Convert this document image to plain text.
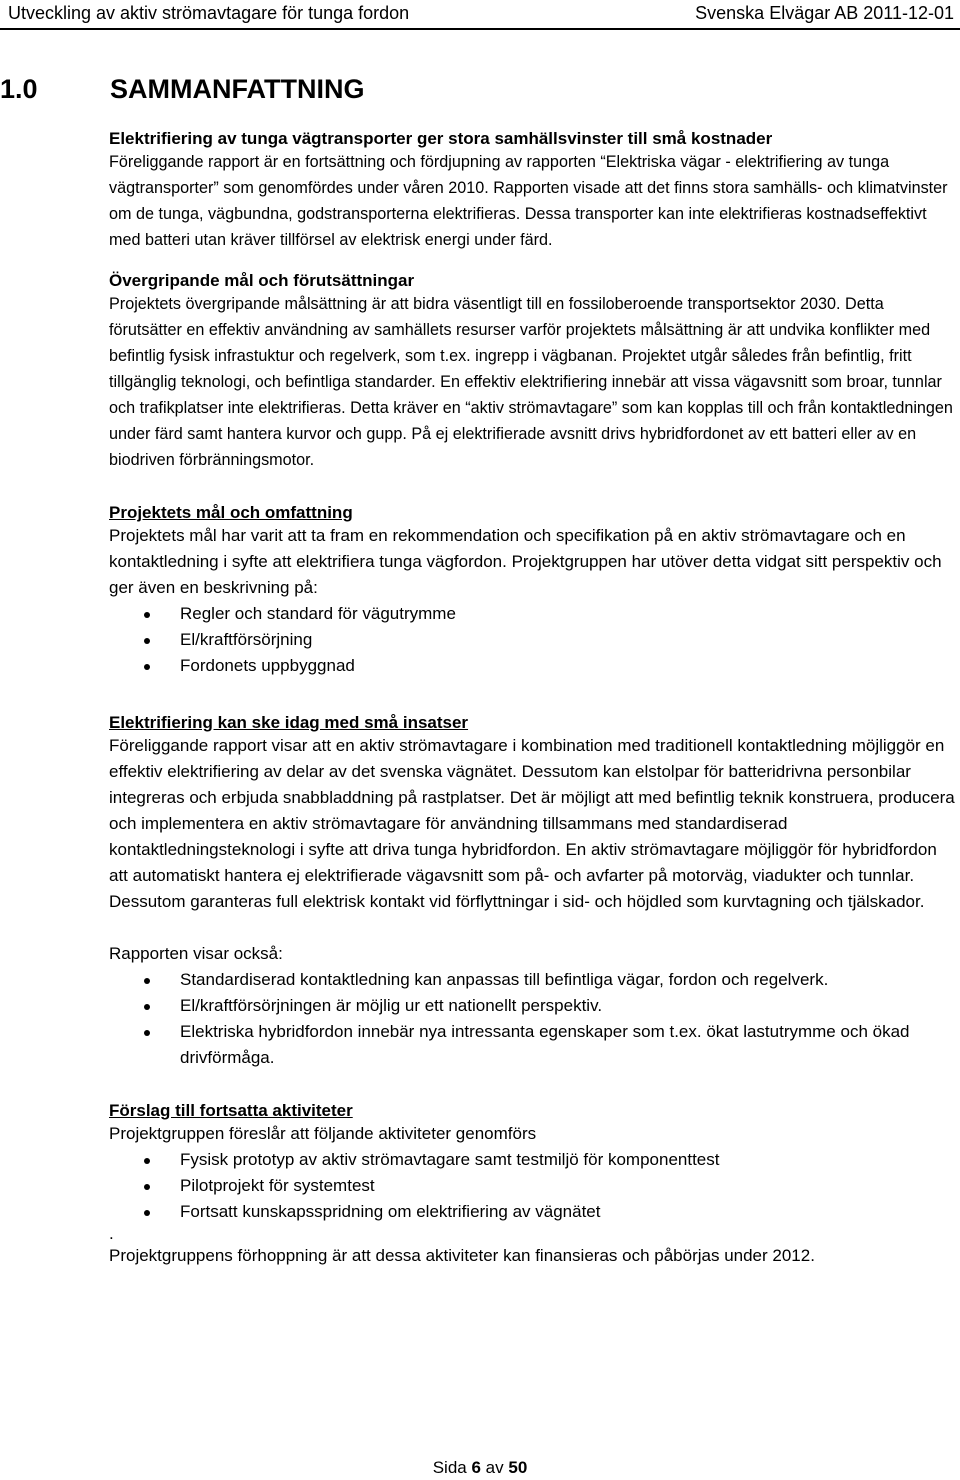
Utveckling av aktiv strömavtagare för tunga fordon	Svenska Elvägar AB 2011-12-01
1.0	SAMMANFATTNING
Elektrifiering av tunga vägtransporter ger stora samhällsvinster till små kostnader

Föreliggande rapport är en fortsättning och fördjupning av rapporten “Elektriska vägar - elektrifiering av tunga vägtransporter” som genomfördes under våren 2010. Rapporten visade att det finns stora samhälls- och klimatvinster om de tunga, vägbundna, godstransporterna elektrifieras. Dessa transporter kan inte elektrifieras kostnadseffektivt med batteri utan kräver tillförsel av elektrisk energi under färd.

Övergripande mål och förutsättningar

Projektets övergripande målsättning är att bidra väsentligt till en fossiloberoende transportsektor 2030. Detta förutsätter en effektiv användning av samhällets resurser varför projektets målsättning är att undvika konflikter med befintlig fysisk infrastuktur och regelverk, som t.ex. ingrepp i vägbanan. Projektet utgår således från befintlig, fritt tillgänglig teknologi, och befintliga standarder. En effektiv elektrifiering innebär att vissa vägavsnitt som broar, tunnlar och trafikplatser inte elektrifieras. Detta kräver en “aktiv strömavtagare” som kan kopplas till och från kontaktledningen under färd samt hantera kurvor och gupp. På ej elektrifierade avsnitt drivs hybridfordonet av ett batteri eller av en biodriven förbränningsmotor.

Projektets mål och omfattning

Projektets mål har varit att ta fram en rekommendation och specifikation på en aktiv strömavtagare och en kontaktledning i syfte att elektrifiera tunga vägfordon. Projektgruppen har utöver detta vidgat sitt perspektiv och ger även en beskrivning på:

Regler och standard för vägutrymme
El/kraftförsörjning
Fordonets uppbyggnad
Elektrifiering kan ske idag med små insatser

Föreliggande rapport visar att en aktiv strömavtagare i kombination med traditionell kontaktledning möjliggör en effektiv elektrifiering av delar av det svenska vägnätet. Dessutom kan elstolpar för batteridrivna personbilar integreras och erbjuda snabbladdning på rastplatser. Det är möjligt att med befintlig teknik konstruera, producera och implementera en aktiv strömavtagare för användning tillsammans med standardiserad kontaktledningsteknologi i syfte att driva tunga hybridfordon. En aktiv strömavtagare möjliggör för hybridfordon att automatiskt hantera ej elektrifierade vägavsnitt som på- och avfarter på motorväg, viadukter och tunnlar. Dessutom garanteras full elektrisk kontakt vid förflyttningar i sid- och höjdled som kurvtagning och tjälskador.

Rapporten visar också:

Standardiserad kontaktledning kan anpassas till befintliga vägar, fordon och regelverk.
El/kraftförsörjningen är möjlig ur ett nationellt perspektiv.
Elektriska hybridfordon innebär nya intressanta egenskaper som t.ex. ökat lastutrymme och ökad drivförmåga.
Förslag till fortsatta aktiviteter

Projektgruppen föreslår att följande aktiviteter genomförs

Fysisk prototyp av aktiv strömavtagare samt testmiljö för komponenttest
Pilotprojekt för systemtest
Fortsatt kunskapsspridning om elektrifiering av vägnätet

.

Projektgruppens förhoppning är att dessa aktiviteter kan finansieras och påbörjas under 2012.

Sida 6 av 50
